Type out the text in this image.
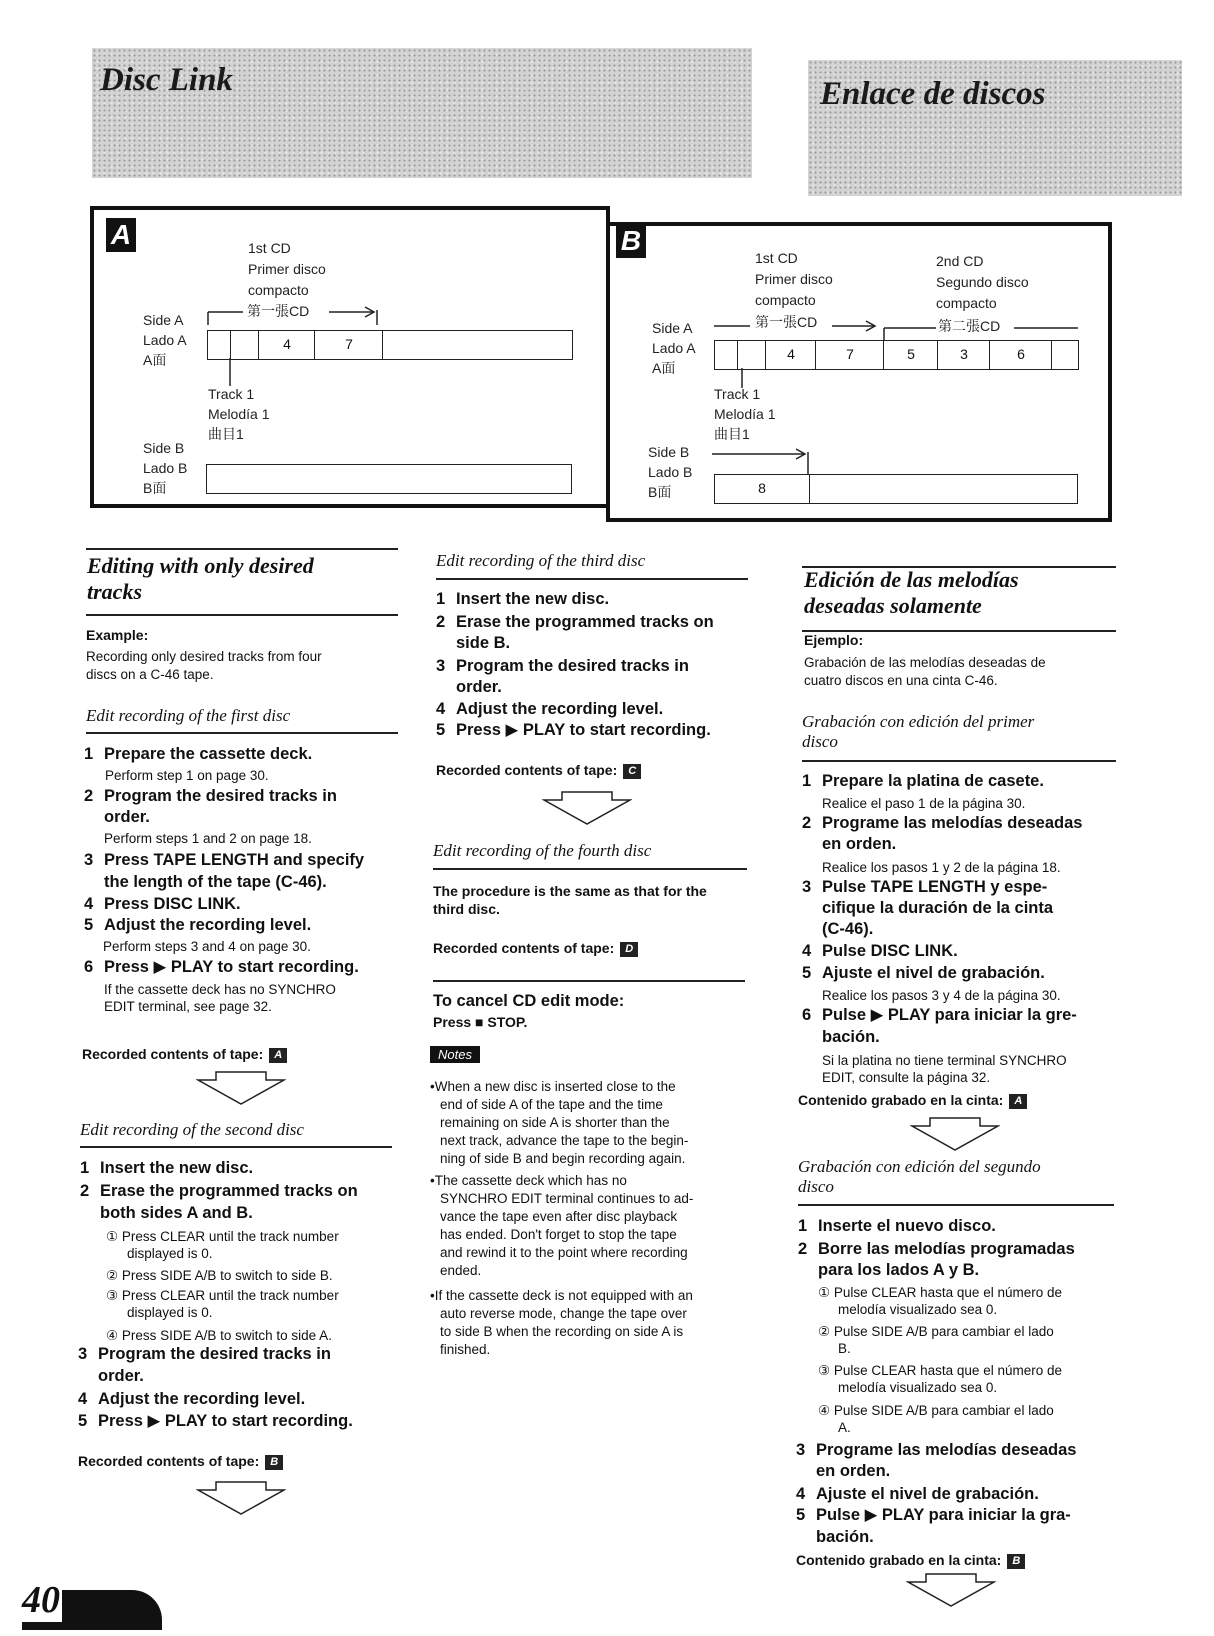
Disc Link	Enlace de discos
A	1st CD
Primer disco
compacto
第一張CD
Side A
Lado A
A面
4	7
Track 1
Melodía 1
曲目1
Side B
Lado B
B面
B
1st CD
Primer disco
compacto
2nd CD
Segundo disco
compacto
第一張CD	第二張CD
Side A
Lado A
A面
4	7	5	3	6
Track 1
Melodía 1
曲目1
Side B
Lado B
B面	8
Editing with only desired
tracks
Example:
Recording only desired tracks from four
discs on a C-46 tape.
Edit recording of the first disc
1 Prepare the cassette deck.
Perform step 1 on page 30.
2 Program the desired tracks in
order.
Perform steps 1 and 2 on page 18.
3 Press TAPE LENGTH and specify
the length of the tape (C-46).
4 Press DISC LINK.
5 Adjust the recording level.
Perform steps 3 and 4 on page 30.
6 Press ▶ PLAY to start recording.
If the cassette deck has no SYNCHRO
EDIT terminal, see page 32.
Recorded contents of tape: A
Edit recording of the second disc
1 Insert the new disc.
2 Erase the programmed tracks on
both sides A and B.
① Press CLEAR until the track number
displayed is 0.
② Press SIDE A/B to switch to side B.
③ Press CLEAR until the track number
displayed is 0.
④ Press SIDE A/B to switch to side A.
3 Program the desired tracks in
order.
4 Adjust the recording level.
5 Press ▶ PLAY to start recording.
Recorded contents of tape: B
Edit recording of the third disc
1 Insert the new disc.
2 Erase the programmed tracks on
side B.
3 Program the desired tracks in
order.
4 Adjust the recording level.
5 Press ▶ PLAY to start recording.
Recorded contents of tape: C
Edit recording of the fourth disc
The procedure is the same as that for the
third disc.
Recorded contents of tape: D
To cancel CD edit mode:
Press ■ STOP.
Notes
•When a new disc is inserted close to the
end of side A of the tape and the time
remaining on side A is shorter than the
next track, advance the tape to the begin-
ning of side B and begin recording again.
•The cassette deck which has no
SYNCHRO EDIT terminal continues to ad-
vance the tape even after disc playback
has ended. Don't forget to stop the tape
and rewind it to the point where recording
ended.
•If the cassette deck is not equipped with an
auto reverse mode, change the tape over
to side B when the recording on side A is
finished.
Edición de las melodías
deseadas solamente
Ejemplo:
Grabación de las melodías deseadas de
cuatro discos en una cinta C-46.
Grabación con edición del primer
disco
1 Prepare la platina de casete.
Realice el paso 1 de la página 30.
2 Programe las melodías deseadas
en orden.
Realice los pasos 1 y 2 de la página 18.
3 Pulse TAPE LENGTH y espe-
cifique la duración de la cinta
(C-46).
4 Pulse DISC LINK.
5 Ajuste el nivel de grabación.
Realice los pasos 3 y 4 de la página 30.
6 Pulse ▶ PLAY para iniciar la gre-
bación.
Si la platina no tiene terminal SYNCHRO
EDIT, consulte la página 32.
Contenido grabado en la cinta: A
Grabación con edición del segundo
disco
1 Inserte el nuevo disco.
2 Borre las melodías programadas
para los lados A y B.
① Pulse CLEAR hasta que el número de
melodía visualizado sea 0.
② Pulse SIDE A/B para cambiar el lado
B.
③ Pulse CLEAR hasta que el número de
melodía visualizado sea 0.
④ Pulse SIDE A/B para cambiar el lado
A.
3 Programe las melodías deseadas
en orden.
4 Ajuste el nivel de grabación.
5 Pulse ▶ PLAY para iniciar la gra-
bación.
Contenido grabado en la cinta: B
40
